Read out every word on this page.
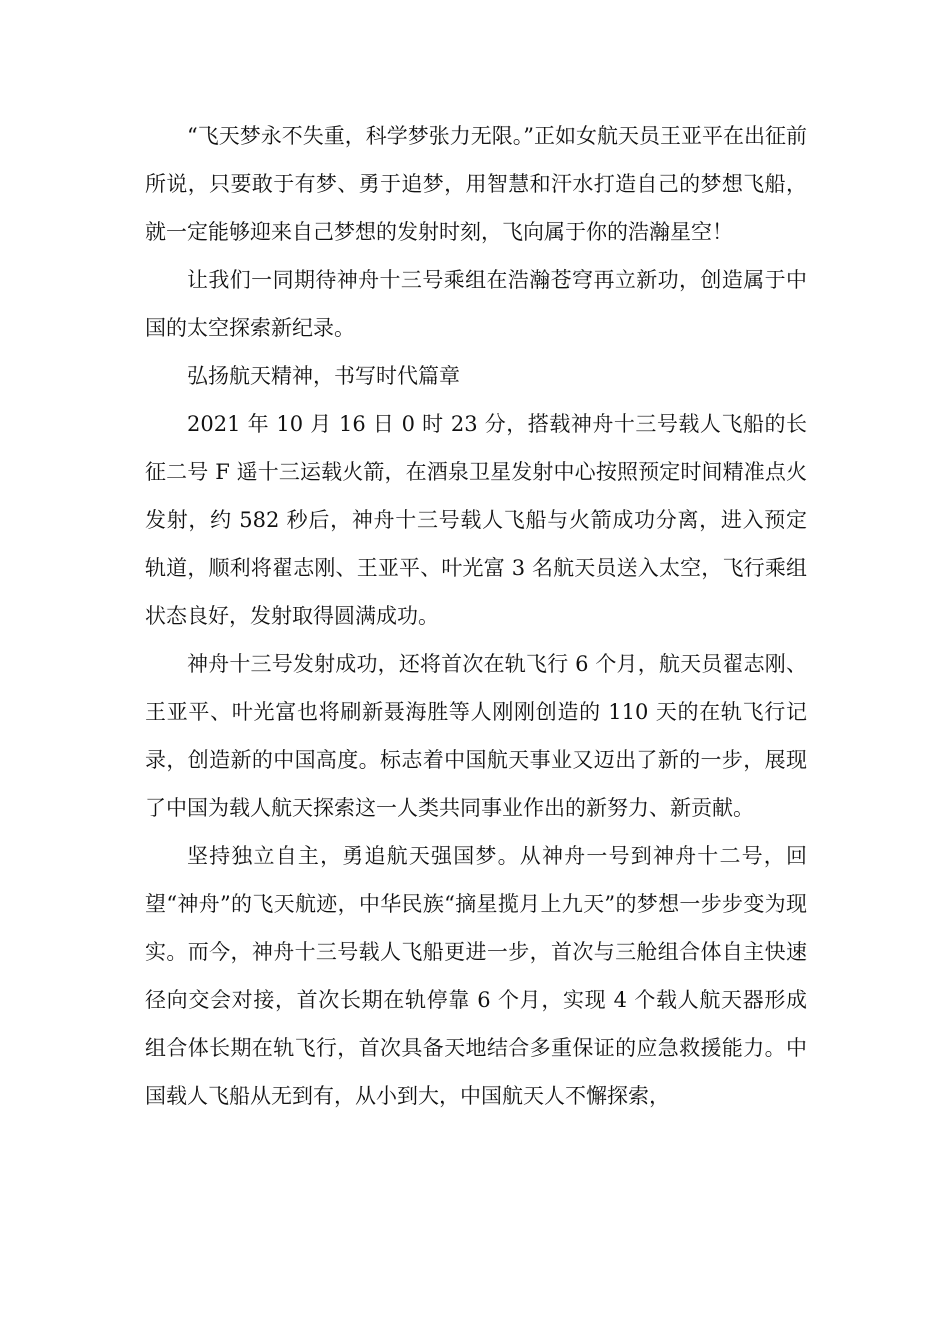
“飞天梦永不失重，科学梦张力无限。”正如女航天员王亚平在出征前所说，只要敢于有梦、勇于追梦，用智慧和汗水打造自己的梦想飞船，就一定能够迎来自己梦想的发射时刻，飞向属于你的浩瀚星空！

让我们一同期待神舟十三号乘组在浩瀚苍穹再立新功，创造属于中国的太空探索新纪录。

弘扬航天精神，书写时代篇章

2021 年 10 月 16 日 0 时 23 分，搭载神舟十三号载人飞船的长征二号 F 遥十三运载火箭，在酒泉卫星发射中心按照预定时间精准点火发射，约 582 秒后，神舟十三号载人飞船与火箭成功分离，进入预定轨道，顺利将翟志刚、王亚平、叶光富 3 名航天员送入太空，飞行乘组状态良好，发射取得圆满成功。

神舟十三号发射成功，还将首次在轨飞行 6 个月，航天员翟志刚、王亚平、叶光富也将刷新聂海胜等人刚刚创造的 110 天的在轨飞行记录，创造新的中国高度。标志着中国航天事业又迈出了新的一步，展现了中国为载人航天探索这一人类共同事业作出的新努力、新贡献。

坚持独立自主，勇追航天强国梦。从神舟一号到神舟十二号，回望“神舟”的飞天航迹，中华民族“摘星揽月上九天”的梦想一步步变为现实。而今，神舟十三号载人飞船更进一步，首次与三舱组合体自主快速径向交会对接，首次长期在轨停靠 6 个月，实现 4 个载人航天器形成组合体长期在轨飞行，首次具备天地结合多重保证的应急救援能力。中国载人飞船从无到有，从小到大，中国航天人不懈探索，
